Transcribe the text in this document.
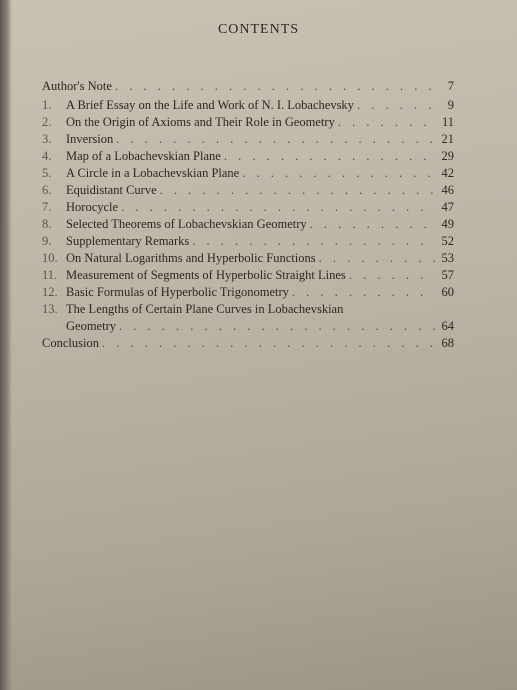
CONTENTS
Author's Note . . .	7
1.	A Brief Essay on the Life and Work of N. I. Lobachevsky . . .	9
2.	On the Origin of Axioms and Their Role in Geometry . . .	11
3.	Inversion . . .	21
4.	Map of a Lobachevskian Plane . . .	29
5.	A Circle in a Lobachevskian Plane . . .	42
6.	Equidistant Curve . . .	46
7.	Horocycle . . .	47
8.	Selected Theorems of Lobachevskian Geometry . . .	49
9.	Supplementary Remarks . . .	52
10. On Natural Logarithms and Hyperbolic Functions . . .	53
11. Measurement of Segments of Hyperbolic Straight Lines . . .	57
12. Basic Formulas of Hyperbolic Trigonometry . . .	60
13. The Lengths of Certain Plane Curves in Lobachevskian
Geometry . . .	64
Conclusion . . .	68
